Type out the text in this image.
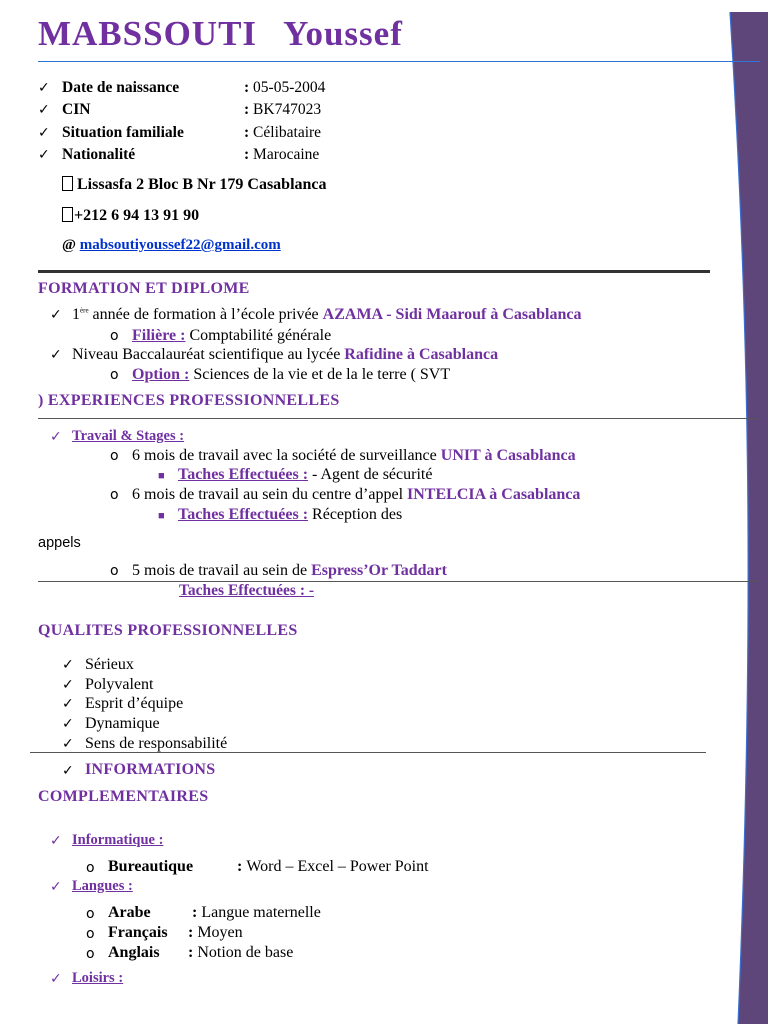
MABSSOUTI Youssef
✓ Date de naissance	: 05-05-2004
✓ CIN	: BK747023
✓ Situation familiale	: Célibataire
✓ Nationalité	: Marocaine
Lissasfa 2 Bloc B Nr 179 Casablanca
+212 6 94 13 91 90
@ mabsoutiyoussef22@gmail.com
FORMATION ET DIPLOME
✓ 1ère année de formation à l’école privée AZAMA - Sidi Maarouf à Casablanca
o Filière : Comptabilité générale
✓ Niveau Baccalauréat scientifique au lycée Rafidine à Casablanca
o Option : Sciences de la vie et de la le terre ( SVT
) EXPERIENCES PROFESSIONNELLES
✓ Travail & Stages :
o 6 mois de travail avec la société de surveillance UNIT à Casablanca
■ Taches Effectuées : - Agent de sécurité
o 6 mois de travail au sein du centre d’appel INTELCIA à Casablanca
■ Taches Effectuées : Réception des
appels
o 5 mois de travail au sein de Espress’Or Taddart
Taches Effectuées : -
QUALITES PROFESSIONNELLES
✓ Sérieux
✓ Polyvalent
✓ Esprit d’équipe
✓ Dynamique
✓ Sens de responsabilité
✓ INFORMATIONS
COMPLEMENTAIRES
✓ Informatique :
o Bureautique	: Word – Excel – Power Point
✓ Langues :
o Arabe	: Langue maternelle
o Français : Moyen
o Anglais : Notion de base
✓ Loisirs :
